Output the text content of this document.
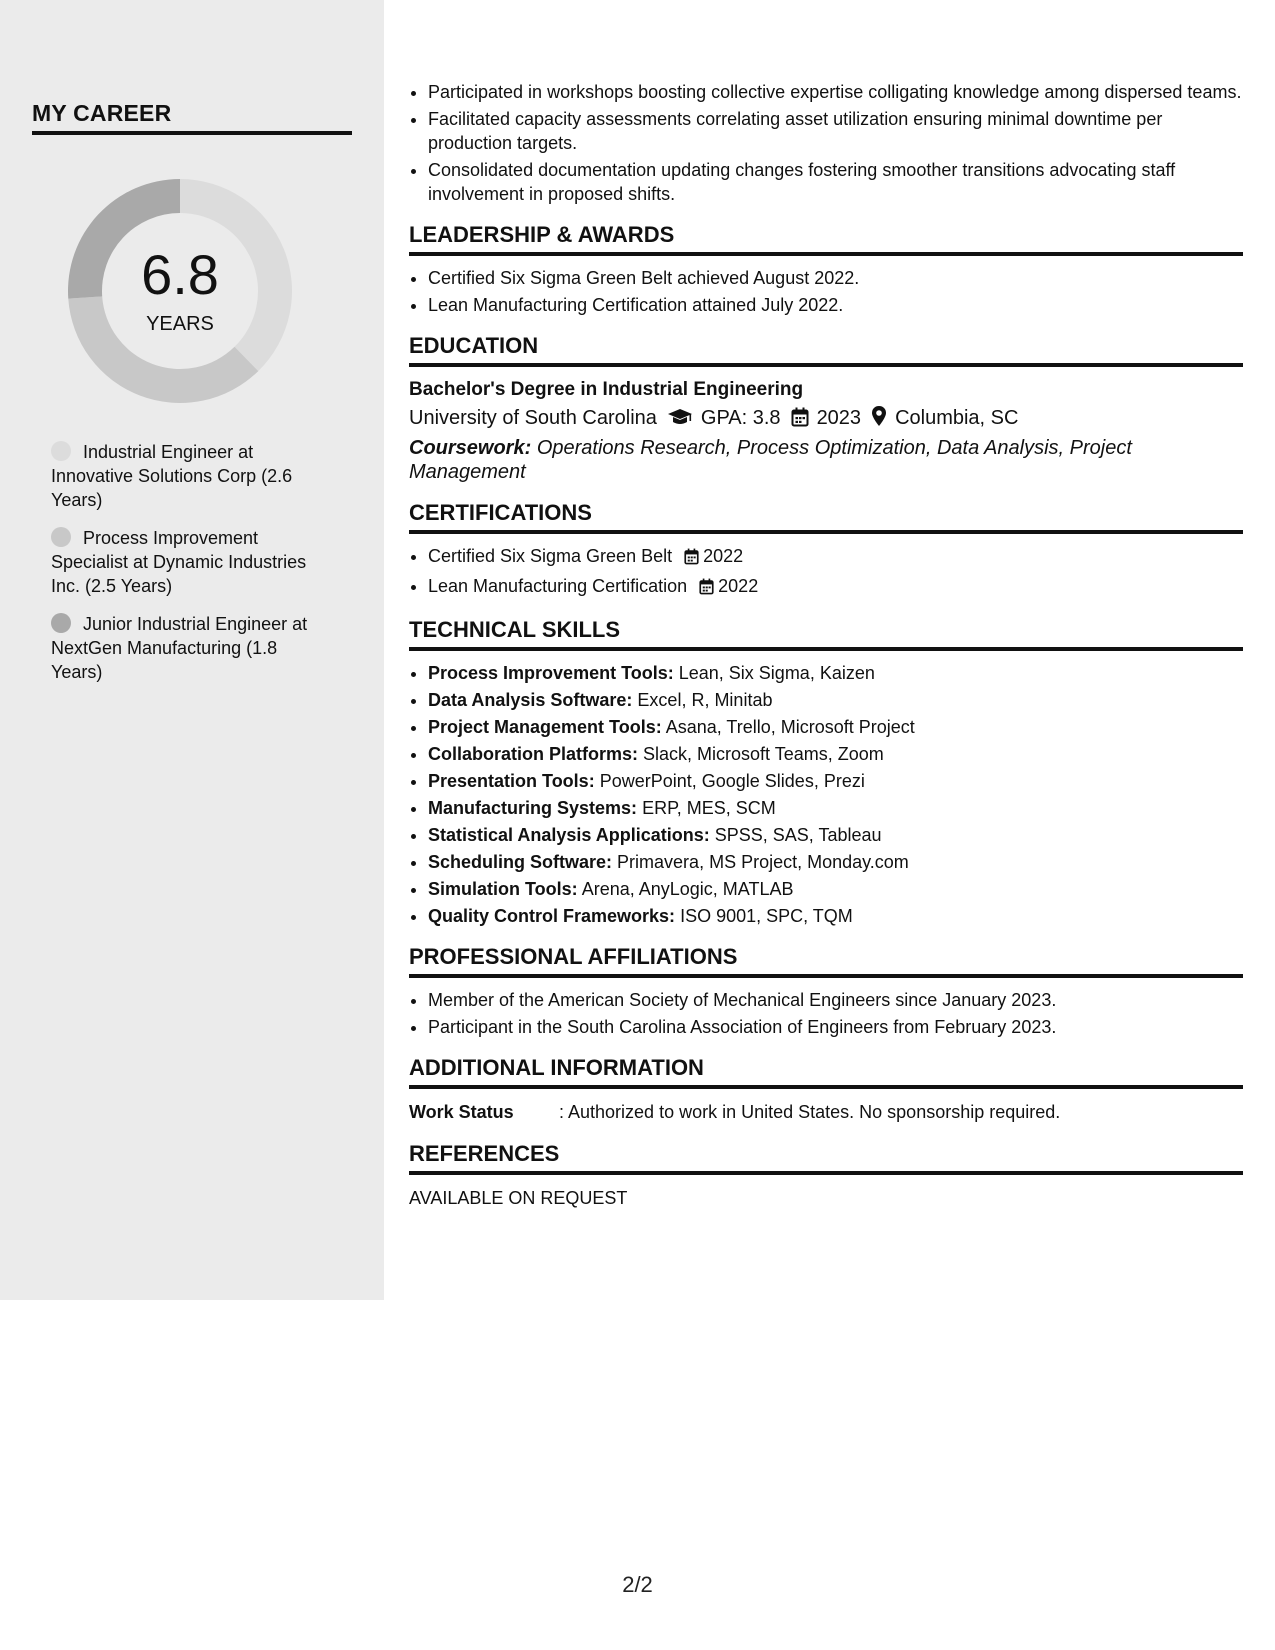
MY CAREER
6.8
YEARS
Industrial Engineer at Innovative Solutions Corp (2.6 Years)
Process Improvement Specialist at Dynamic Industries Inc. (2.5 Years)
Junior Industrial Engineer at NextGen Manufacturing (1.8 Years)
• Participated in workshops boosting collective expertise colligating knowledge among dispersed teams.
• Facilitated capacity assessments correlating asset utilization ensuring minimal downtime per production targets.
• Consolidated documentation updating changes fostering smoother transitions advocating staff involvement in proposed shifts.
LEADERSHIP & AWARDS
• Certified Six Sigma Green Belt achieved August 2022.
• Lean Manufacturing Certification attained July 2022.
EDUCATION
Bachelor's Degree in Industrial Engineering
University of South Carolina GPA: 3.8 2023 Columbia, SC
Coursework: Operations Research, Process Optimization, Data Analysis, Project Management
CERTIFICATIONS
• Certified Six Sigma Green Belt 2022
• Lean Manufacturing Certification 2022
TECHNICAL SKILLS
• Process Improvement Tools: Lean, Six Sigma, Kaizen
• Data Analysis Software: Excel, R, Minitab
• Project Management Tools: Asana, Trello, Microsoft Project
• Collaboration Platforms: Slack, Microsoft Teams, Zoom
• Presentation Tools: PowerPoint, Google Slides, Prezi
• Manufacturing Systems: ERP, MES, SCM
• Statistical Analysis Applications: SPSS, SAS, Tableau
• Scheduling Software: Primavera, MS Project, Monday.com
• Simulation Tools: Arena, AnyLogic, MATLAB
• Quality Control Frameworks: ISO 9001, SPC, TQM
PROFESSIONAL AFFILIATIONS
• Member of the American Society of Mechanical Engineers since January 2023.
• Participant in the South Carolina Association of Engineers from February 2023.
ADDITIONAL INFORMATION
Work Status	: Authorized to work in United States. No sponsorship required.
REFERENCES
AVAILABLE ON REQUEST
2/2
